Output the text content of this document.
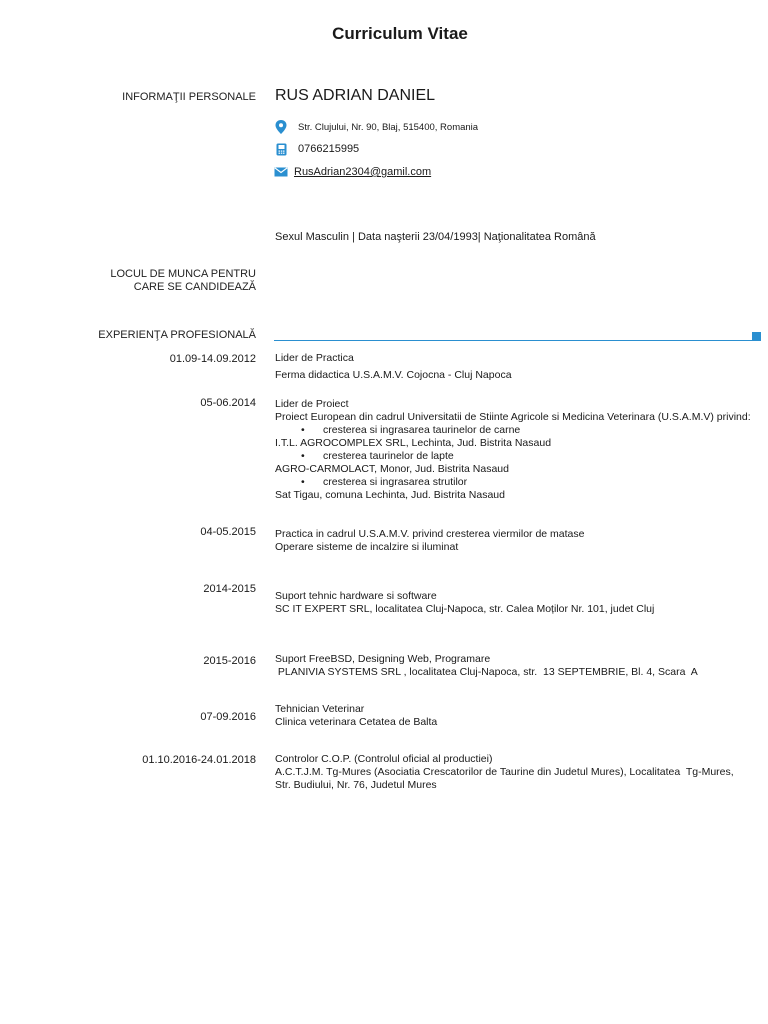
Curriculum Vitae
INFORMAŢII PERSONALE RUS ADRIAN DANIEL
Str. Clujului, Nr. 90, Blaj, 515400, Romania
0766215995
RusAdrian2304@gamil.com
Sexul Masculin | Data naşterii 23/04/1993| Naţionalitatea Română
LOCUL DE MUNCA PENTRU
CARE SE CANDIDEAZĂ
EXPERIENŢA PROFESIONALĂ
01.09-14.09.2012 Lider de Practica
Ferma didactica U.S.A.M.V. Cojocna - Cluj Napoca
05-06.2014 Lider de Proiect
Proiect European din cadrul Universitatii de Stiinte Agricole si Medicina Veterinara (U.S.A.M.V) privind:
•	cresterea si ingrasarea taurinelor de carne
I.T.L. AGROCOMPLEX SRL, Lechinta, Jud. Bistrita Nasaud
•	cresterea taurinelor de lapte
AGRO-CARMOLACT, Monor, Jud. Bistrita Nasaud
•	cresterea si ingrasarea strutilor
Sat Tigau, comuna Lechinta, Jud. Bistrita Nasaud
04-05.2015 Practica in cadrul U.S.A.M.V. privind cresterea viermilor de matase
Operare sisteme de incalzire si iluminat
2014-2015
Suport tehnic hardware si software
SC IT EXPERT SRL, localitatea Cluj-Napoca, str. Calea Moților Nr. 101, judet Cluj
2015-2016 Suport FreeBSD, Designing Web, Programare
PLANIVIA SYSTEMS SRL , localitatea Cluj-Napoca, str.  13 SEPTEMBRIE, Bl. 4, Scara  A
07-09.2016
Tehnician Veterinar
Clinica veterinara Cetatea de Balta
01.10.2016-24.01.2018 Controlor C.O.P. (Controlul oficial al productiei)
A.C.T.J.M. Tg-Mures (Asociatia Crescatorilor de Taurine din Judetul Mures), Localitatea  Tg-Mures,
Str. Budiului, Nr. 76, Judetul Mures
